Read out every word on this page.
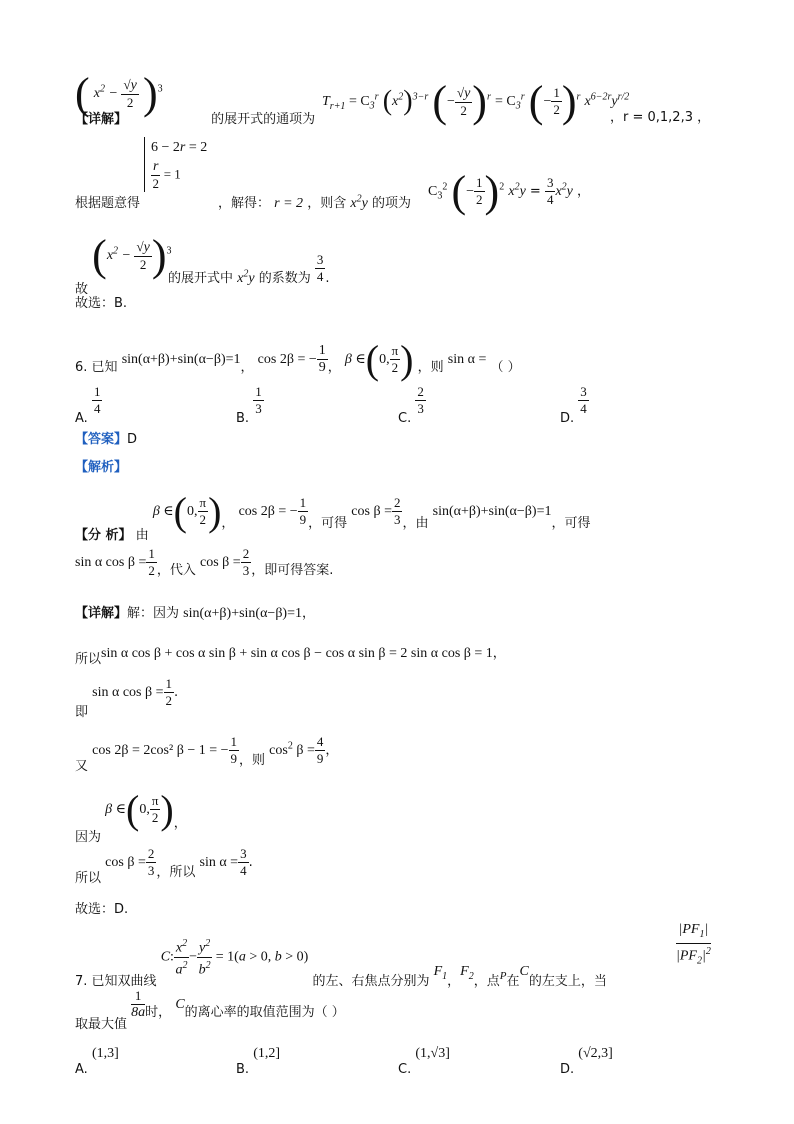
( $x^2 - \frac{√y}{2} )^3$
【详解】	的展开式的通项为
$T_{r+1} = C_3^r$ $(x^2)^{3-r}$ (− $\frac{√y}{2} )^r = C_3^r$ (− $\frac{1}{2} )^r$ $x^{6-2r}y^{r/2}$
，r = 0,1,2,3 ，
6 − 2r = 2
$\frac{r}{2} = 1$
根据题意得	，解得： r = 2 ，则含 $x^2y$ 的项为
$C_3^2$ (− $\frac{1}{2} )^2$ $x^2y = \frac{3}{4} x^2y$ ，
故 $(x^2 - \frac{√y}{2} )^3$
的展开式中 $x^2y$ 的系数为 $\frac{3}{4}$ .
故选：B.
6. 已知 sin(α+β)+sin(α−β)=1， cos 2β = − $\frac{1}{9}$ ， β ∈(0, $\frac{\pi}{2}$ ) ，则 sin α = （ ）
A.
$\frac{1}{4}$
B.
$\frac{1}{3}$
C.
$\frac{2}{3}$
D.
$\frac{3}{4}$
【答案】D
【解析】
【分 析】 由 β ∈(0, $\frac{\pi}{2}$ )， cos 2β = − $\frac{1}{9}$ ，可得 $\cos \beta = \frac{2}{3}$ ，由 sin(α+β)+sin(α−β)=1，可得
sin α $\cos \beta = \frac{1}{2}$ ，代入 $\cos \beta = \frac{2}{3}$ ，即可得答案.
【详解】解：因为 sin(α+β)+sin(α−β)=1，
所以sin α cos β + cos α sin β + sin α cos β − cos α sin β = 2 sin α cos β = 1，
即 sin α $\cos \beta = \frac{1}{2}$ .
又 cos 2β = 2cos² β − 1 = − $\frac{1}{9}$ ，则 $\cos^2 \beta = \frac{4}{9}$ ，
因为 β ∈(0, $\frac{\pi}{2}$ )，
所以 $\cos \beta = \frac{2}{3}$ ，所以 $\sin \alpha = \frac{3}{4}$ .
故选：D.
7. 已知双曲线 C: $\frac{x^2}{a^2} - \frac{y^2}{b^2} = 1(a > 0$, b > 0) 的左、右焦点分别为 $F_1$，$F_2$，点$_P$在C的左支上，当
$\frac{|PF_1|}{|PF_2|^2}$
取最大值
$\frac{1}{8a}$ 时， C的离心率的取值范围为（ ）
A. (1,3]
B. (1,2]
C. (1,√3]
D. (√2,3]
